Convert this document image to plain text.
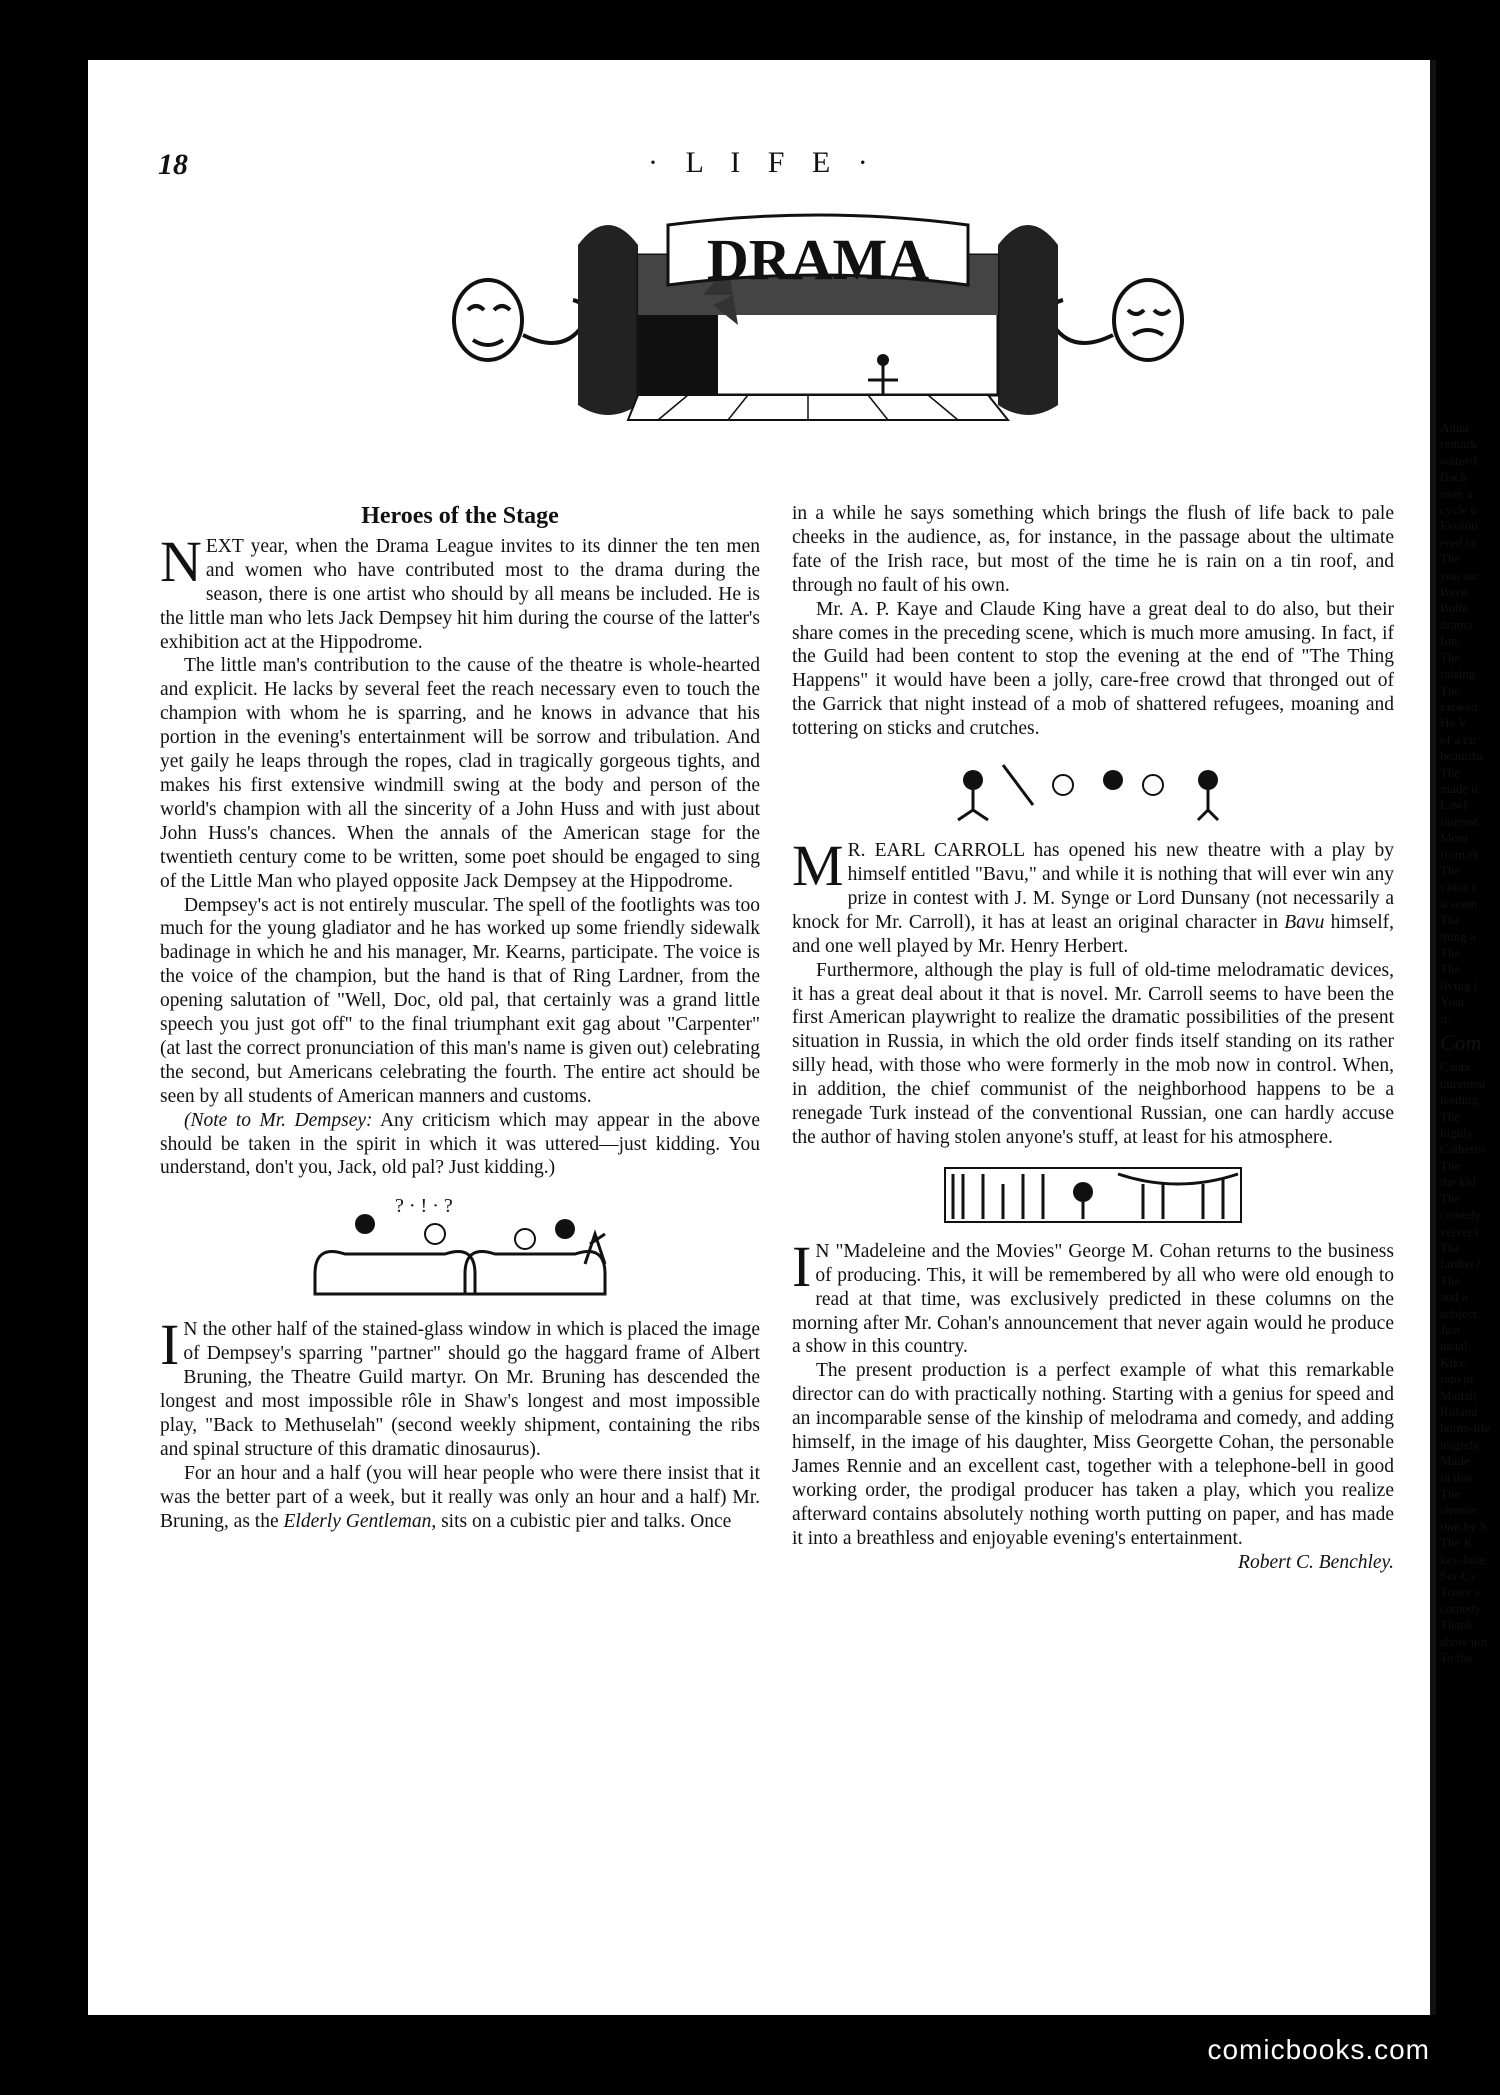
18	· L I F E ·
DRAMA
Heroes of the Stage

NEXT year, when the Drama League invites to its dinner the ten men and women who have contributed most to the drama during the season, there is one artist who should by all means be included. He is the little man who lets Jack Dempsey hit him during the course of the latter's exhibition act at the Hippodrome.

The little man's contribution to the cause of the theatre is whole-hearted and explicit. He lacks by several feet the reach necessary even to touch the champion with whom he is sparring, and he knows in advance that his portion in the evening's entertainment will be sorrow and tribulation. And yet gaily he leaps through the ropes, clad in tragically gorgeous tights, and makes his first extensive windmill swing at the body and person of the world's champion with all the sincerity of a John Huss and with just about John Huss's chances. When the annals of the American stage for the twentieth century come to be written, some poet should be engaged to sing of the Little Man who played opposite Jack Dempsey at the Hippodrome.

Dempsey's act is not entirely muscular. The spell of the footlights was too much for the young gladiator and he has worked up some friendly sidewalk badinage in which he and his manager, Mr. Kearns, participate. The voice is the voice of the champion, but the hand is that of Ring Lardner, from the opening salutation of "Well, Doc, old pal, that certainly was a grand little speech you just got off" to the final triumphant exit gag about "Carpenter" (at last the correct pronunciation of this man's name is given out) celebrating the second, but Americans celebrating the fourth. The entire act should be seen by all students of American manners and customs.

(Note to Mr. Dempsey: Any criticism which may appear in the above should be taken in the spirit in which it was uttered—just kidding. You understand, don't you, Jack, old pal? Just kidding.)

? · ! · ?

I N the other half of the stained-glass window in which is placed the image of Dempsey's sparring "partner" should go the haggard frame of Albert Bruning, the Theatre Guild martyr. On Mr. Bruning has descended the longest and most impossible rôle in Shaw's longest and most impossible play, "Back to Methuselah" (second weekly shipment, containing the ribs and spinal structure of this dramatic dinosaurus).

For an hour and a half (you will hear people who were there insist that it was the better part of a week, but it really was only an hour and a half) Mr. Bruning, as the Elderly Gentleman, sits on a cubistic pier and talks. Once

in a while he says something which brings the flush of life back to pale cheeks in the audience, as, for instance, in the passage about the ultimate fate of the Irish race, but most of the time he is rain on a tin roof, and through no fault of his own.

Mr. A. P. Kaye and Claude King have a great deal to do also, but their share comes in the preceding scene, which is much more amusing. In fact, if the Guild had been content to stop the evening at the end of "The Thing Happens" it would have been a jolly, care-free crowd that thronged out of the Garrick that night instead of a mob of shattered refugees, moaning and tottering on sticks and crutches.

M R. EARL CARROLL has opened his new theatre with a play by himself entitled "Bavu," and while it is nothing that will ever win any prize in contest with J. M. Synge or Lord Dunsany (not necessarily a knock for Mr. Carroll), it has at least an original character in Bavu himself, and one well played by Mr. Henry Herbert.

Furthermore, although the play is full of old-time melodramatic devices, it has a great deal about it that is novel. Mr. Carroll seems to have been the first American playwright to realize the dramatic possibilities of the present situation in Russia, in which the old order finds itself standing on its rather silly head, with those who were formerly in the mob now in control. When, in addition, the chief communist of the neighborhood happens to be a renegade Turk instead of the conventional Russian, one can hardly accuse the author of having stolen anyone's stuff, at least for his atmosphere.

I N "Madeleine and the Movies" George M. Cohan returns to the business of producing. This, it will be remembered by all who were old enough to read at that time, was exclusively predicted in these columns on the morning after Mr. Cohan's announcement that never again would he produce a show in this country.

The present production is a perfect example of what this remarkable director can do with practically nothing. Starting with a genius for speed and an incomparable sense of the kinship of melodrama and comedy, and adding himself, in the image of his daughter, Miss Georgette Cohan, the personable James Rennie and an excellent cast, together with a telephone-bell in good working order, the prodigal producer has taken a play, which you realize afterward contains absolutely nothing worth putting on paper, and has made it into a breathless and enjoyable evening's entertainment.
Robert C. Benchley.

Anna
remark
water-f
Back
over a
cycle o
Evoluti
ered to
The
you sur
Bavu
Bulle
drama
fun.
The
raising
The
viewed
He V
of a cir
beautifu
The
made u
Lawf
interest
Mont
from th
The
vious s
it seem
The
thing a
The
The
living i
Your
it.
Com
Capta
tainment
leading.
The
highly
Catherin
The
the kid
The
comedy.
velvet i
The
farther?
The
and a
subject
Just
usual
Kiki.
into pl
Madan
Roland
home-life
tragedy.
Made
in this
The
slender
tion by S
The R
key-hole.
Six-Cy
Truex a
comedy
Thank
show not
To the
comicbooks.com
